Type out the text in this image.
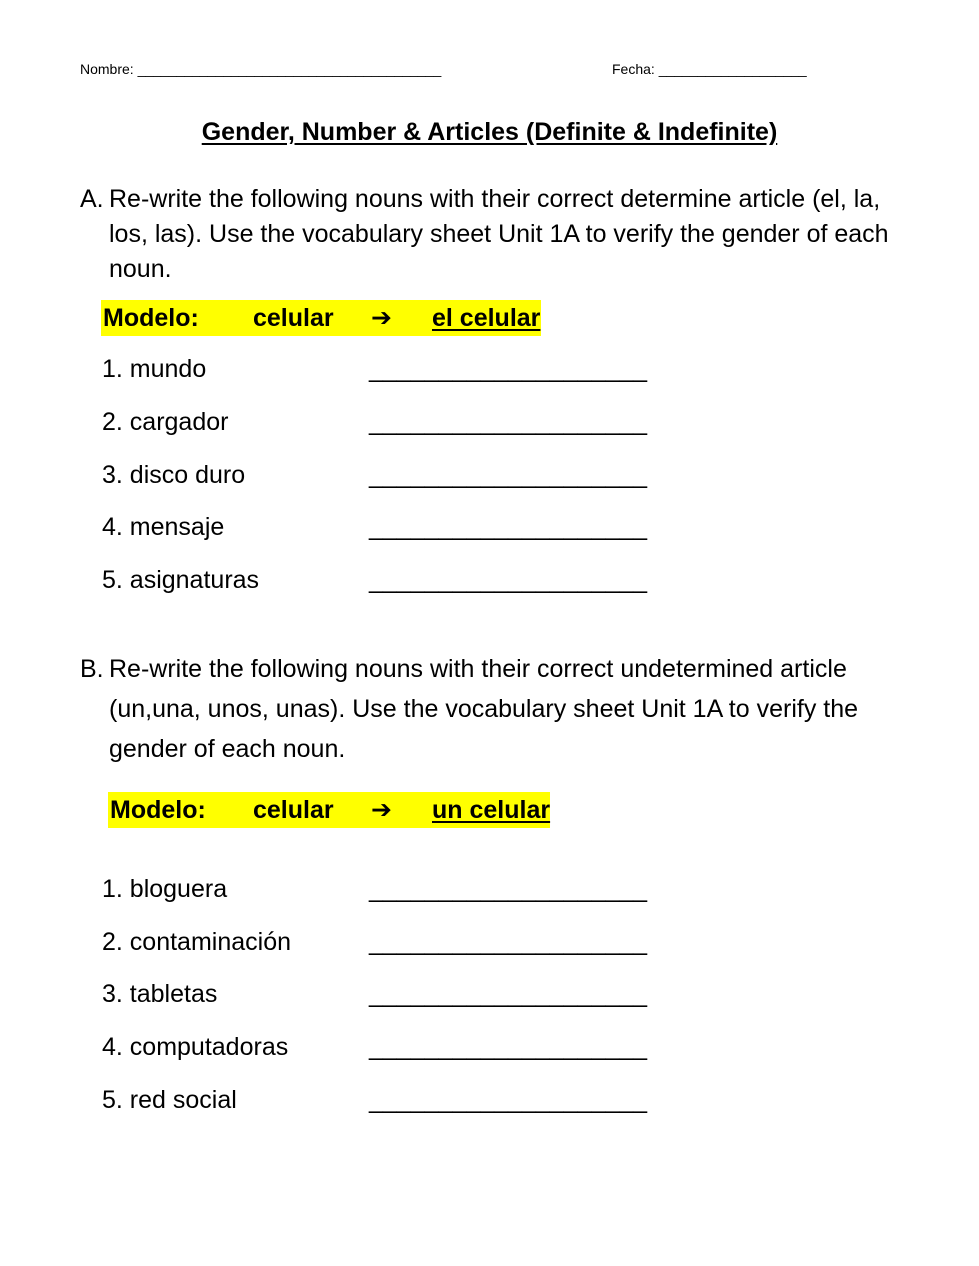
Nombre: _______________________________________	Fecha: ___________________
Gender, Number & Articles (Definite & Indefinite)
A. Re-write the following nouns with their correct determine article (el, la, los, las). Use the vocabulary sheet Unit 1A to verify the gender of each noun.
Modelo: celular ➔ el celular
1. mundo	____________________
2. cargador	____________________
3. disco duro	____________________
4. mensaje	____________________
5. asignaturas	____________________
B. Re-write the following nouns with their correct undetermined article (un,una, unos, unas). Use the vocabulary sheet Unit 1A to verify the gender of each noun.
Modelo: celular ➔ un celular
1. bloguera	____________________
2. contaminación	____________________
3. tabletas	____________________
4. computadoras	____________________
5. red social	____________________
